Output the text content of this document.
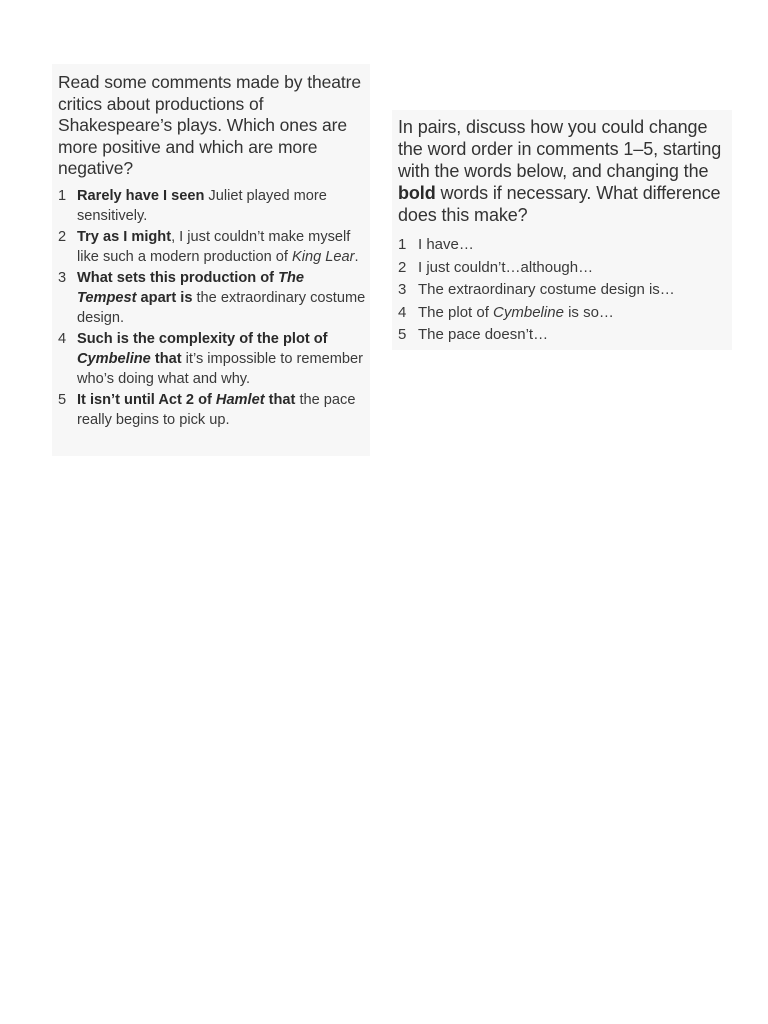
Read some comments made by theatre critics about productions of Shakespeare’s plays. Which ones are more positive and which are more negative?

1 Rarely have I seen Juliet played more sensitively.
2 Try as I might, I just couldn’t make myself like such a modern production of King Lear.
3 What sets this production of The Tempest apart is the extraordinary costume design.
4 Such is the complexity of the plot of Cymbeline that it’s impossible to remember who’s doing what and why.
5 It isn’t until Act 2 of Hamlet that the pace really begins to pick up.

In pairs, discuss how you could change the word order in comments 1–5, starting with the words below, and changing the bold words if necessary. What difference does this make?

1 I have…
2 I just couldn’t…although…
3 The extraordinary costume design is…
4 The plot of Cymbeline is so…
5 The pace doesn’t…
